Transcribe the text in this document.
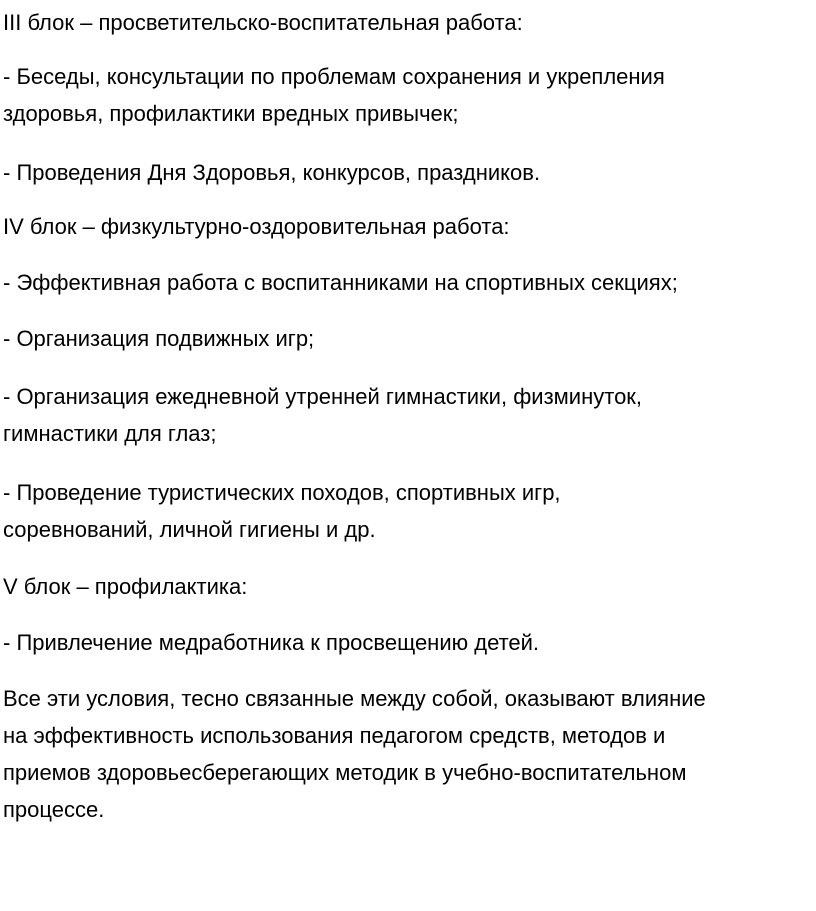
III блок – просветительско-воспитательная работа:

- Беседы, консультации по проблемам сохранения и укрепления
здоровья, профилактики вредных привычек;

- Проведения Дня Здоровья, конкурсов, праздников.

IV блок – физкультурно-оздоровительная работа:

- Эффективная работа с воспитанниками на спортивных секциях;

- Организация подвижных игр;

- Организация ежедневной утренней гимнастики, физминуток,
гимнастики для глаз;

- Проведение туристических походов, спортивных игр,
соревнований, личной гигиены и др.

V блок – профилактика:

- Привлечение медработника к просвещению детей.

Все эти условия, тесно связанные между собой, оказывают влияние
на эффективность использования педагогом средств, методов и
приемов здоровьесберегающих методик в учебно-воспитательном
процессе.
